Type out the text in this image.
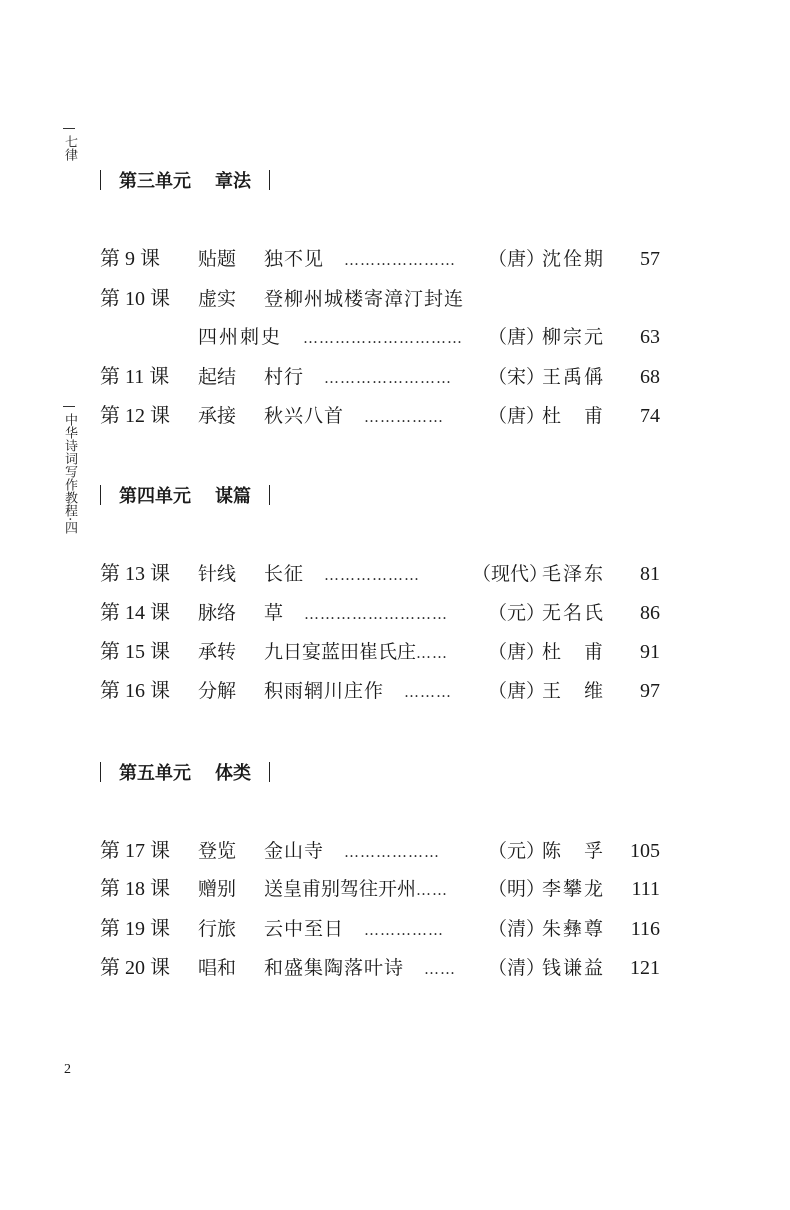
七律
中华诗词写作教程·四
第三单元 章法
第 9 课 贴题 独不见　 ………………… （唐）
沈佺期 57
第 10 课 虚实 登柳州城楼寄漳汀封连
四州刺史　 ………………………… （唐）
柳宗元 63
第 11 课 起结 村行　 …………………… （宋）
王禹偁 68
第 12 课 承接 秋兴八首　 …………… （唐）
杜　甫 74
第四单元 谋篇
第 13 课 针线 长征　 ………………	（现代）
毛泽东 81
第 14 课 脉络 草　 ……………………… （元）
无名氏 86
第 15 课 承转 九日宴蓝田崔氏庄…… （唐）
杜　甫 91
第 16 课 分解 积雨辋川庄作　 ……… （唐）
王　维 97
第五单元 体类
第 17 课 登览 金山寺　 ………………	（元）
陈　孚 105
第 18 课 赠别 送皇甫别驾往开州…… （明）
李攀龙 111
第 19 课 行旅 云中至日　 …………… （清）
朱彝尊 116
第 20 课 唱和 和盛集陶落叶诗　 …… （清）
钱谦益 121
2
